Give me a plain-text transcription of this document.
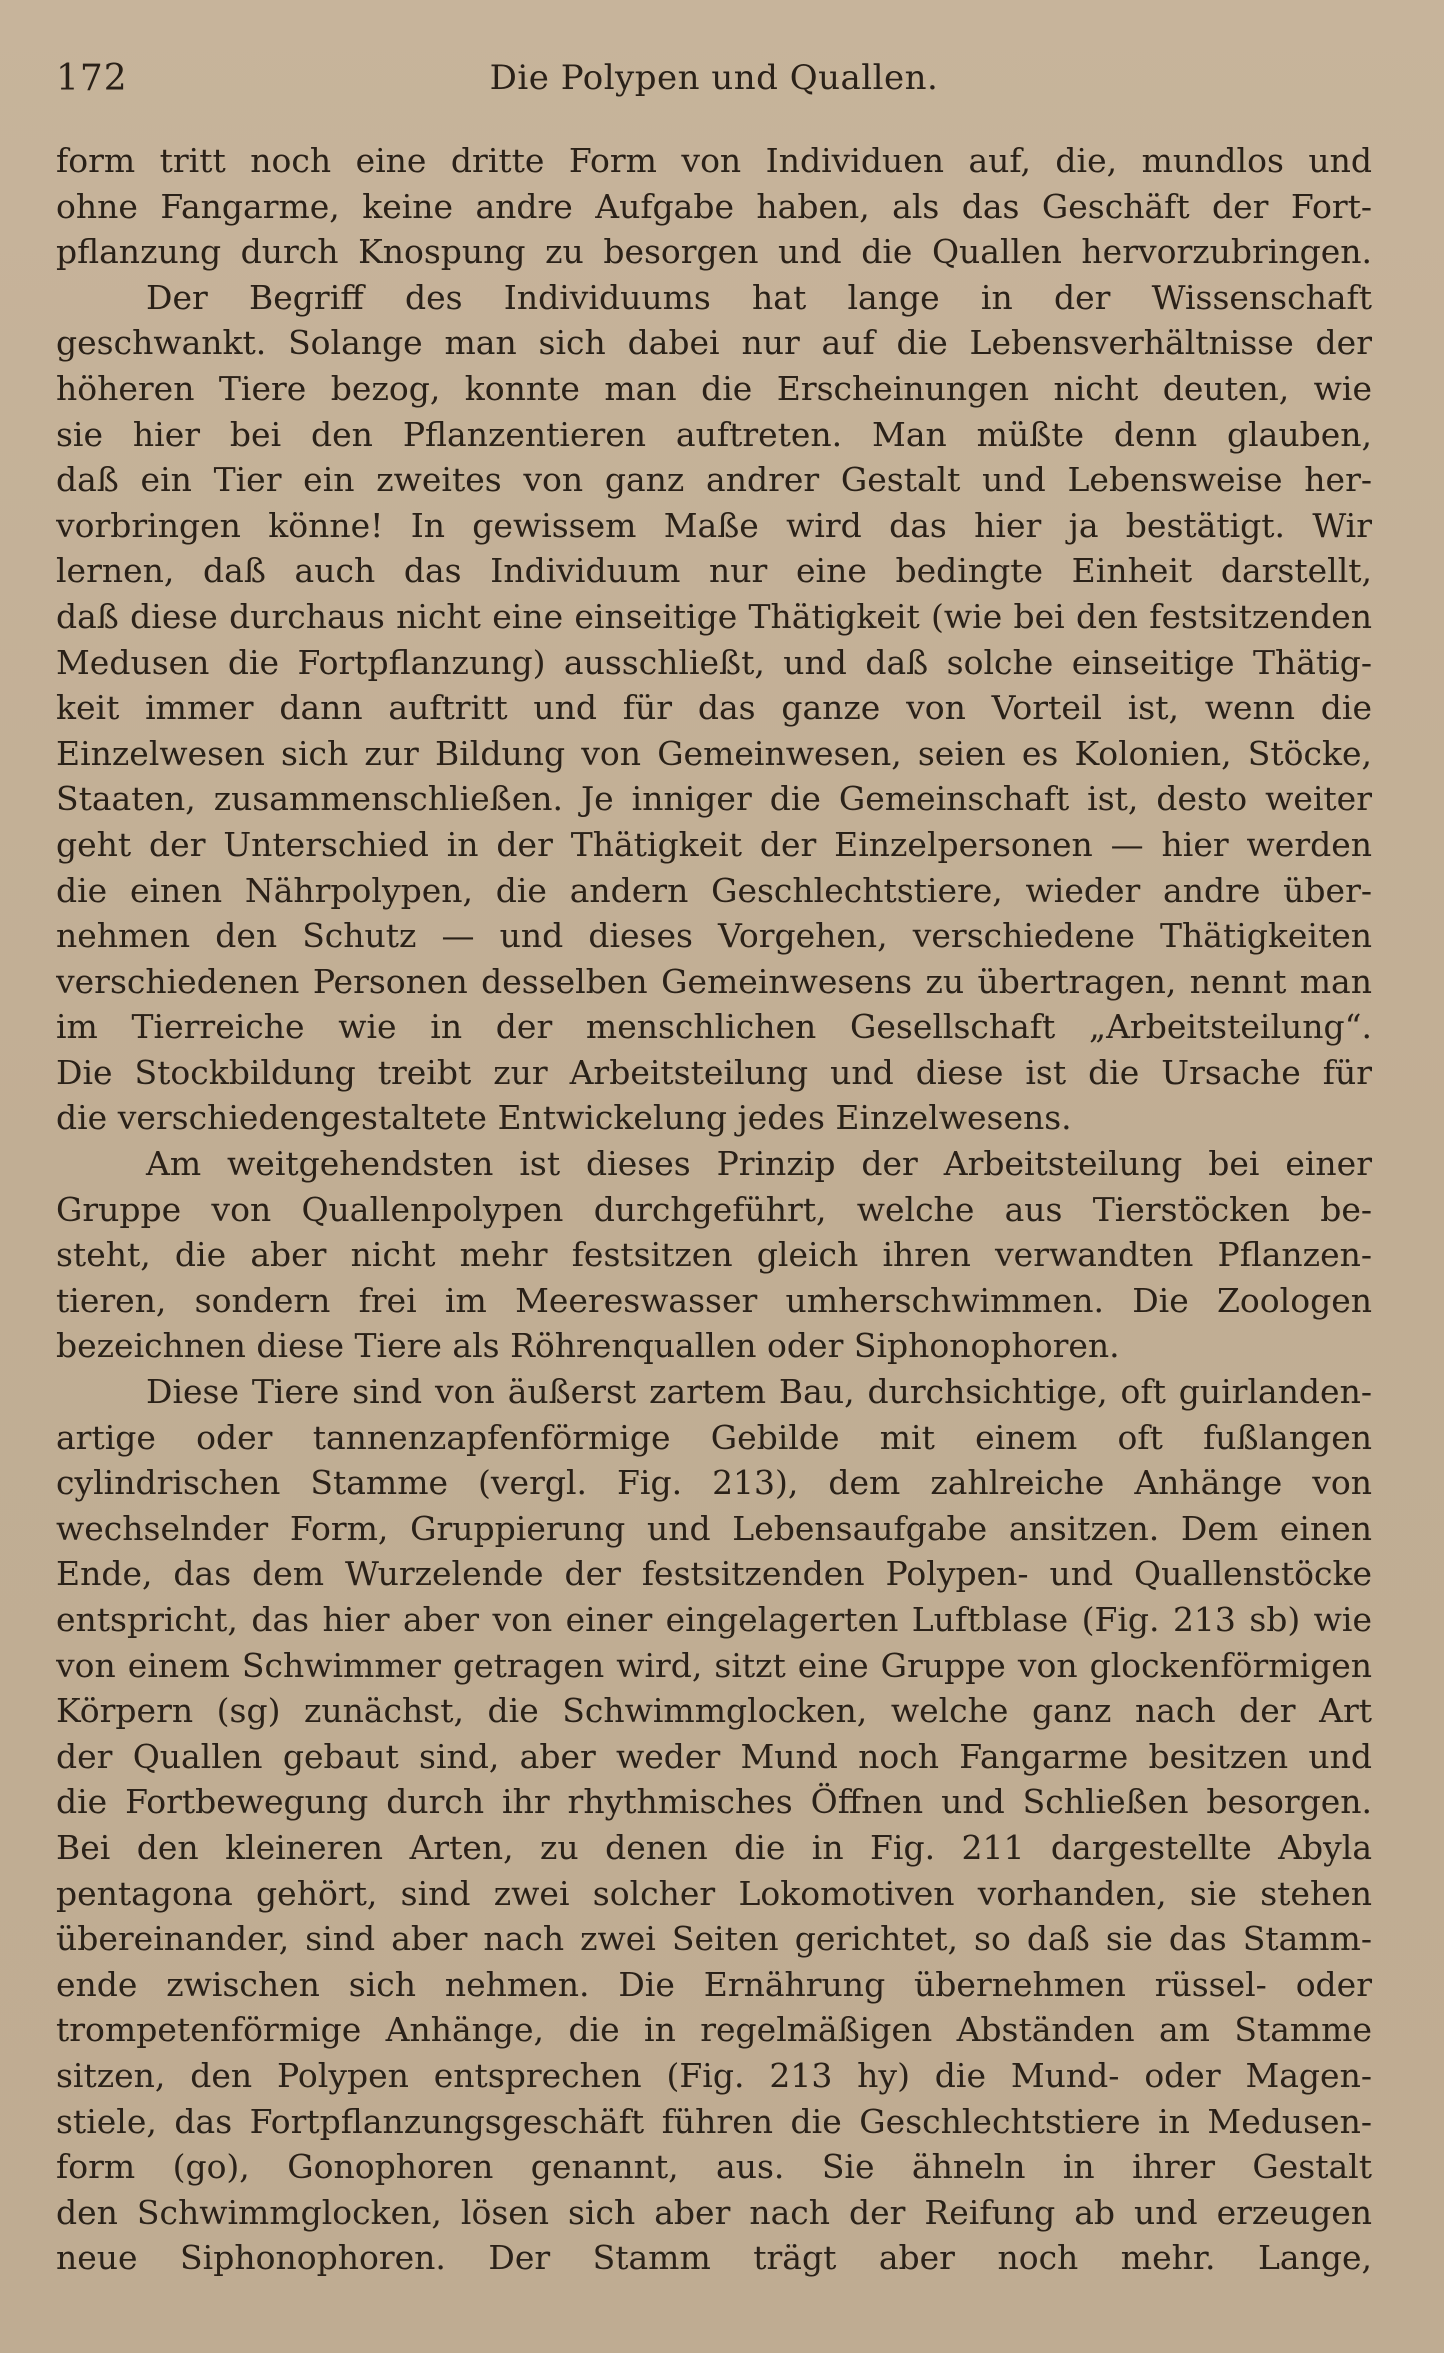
172	Die Polypen und Quallen.
form tritt noch eine dritte Form von Individuen auf, die, mundlos und
ohne Fangarme, keine andre Aufgabe haben, als das Geschäft der Fort-
pflanzung durch Knospung zu besorgen und die Quallen hervorzubringen.
Der Begriff des Individuums hat lange in der Wissenschaft
geschwankt. Solange man sich dabei nur auf die Lebensverhältnisse der
höheren Tiere bezog, konnte man die Erscheinungen nicht deuten, wie
sie hier bei den Pflanzentieren auftreten. Man müßte denn glauben,
daß ein Tier ein zweites von ganz andrer Gestalt und Lebensweise her-
vorbringen könne! In gewissem Maße wird das hier ja bestätigt. Wir
lernen, daß auch das Individuum nur eine bedingte Einheit darstellt,
daß diese durchaus nicht eine einseitige Thätigkeit (wie bei den festsitzenden
Medusen die Fortpflanzung) ausschließt, und daß solche einseitige Thätig-
keit immer dann auftritt und für das ganze von Vorteil ist, wenn die
Einzelwesen sich zur Bildung von Gemeinwesen, seien es Kolonien, Stöcke,
Staaten, zusammenschließen. Je inniger die Gemeinschaft ist, desto weiter
geht der Unterschied in der Thätigkeit der Einzelpersonen — hier werden
die einen Nährpolypen, die andern Geschlechtstiere, wieder andre über-
nehmen den Schutz — und dieses Vorgehen, verschiedene Thätigkeiten
verschiedenen Personen desselben Gemeinwesens zu übertragen, nennt man
im Tierreiche wie in der menschlichen Gesellschaft „Arbeitsteilung“.
Die Stockbildung treibt zur Arbeitsteilung und diese ist die Ursache für
die verschiedengestaltete Entwickelung jedes Einzelwesens.
Am weitgehendsten ist dieses Prinzip der Arbeitsteilung bei einer
Gruppe von Quallenpolypen durchgeführt, welche aus Tierstöcken be-
steht, die aber nicht mehr festsitzen gleich ihren verwandten Pflanzen-
tieren, sondern frei im Meereswasser umherschwimmen. Die Zoologen
bezeichnen diese Tiere als Röhrenquallen oder Siphonophoren.
Diese Tiere sind von äußerst zartem Bau, durchsichtige, oft guirlanden-
artige oder tannenzapfenförmige Gebilde mit einem oft fußlangen
cylindrischen Stamme (vergl. Fig. 213), dem zahlreiche Anhänge von
wechselnder Form, Gruppierung und Lebensaufgabe ansitzen. Dem einen
Ende, das dem Wurzelende der festsitzenden Polypen- und Quallenstöcke
entspricht, das hier aber von einer eingelagerten Luftblase (Fig. 213 sb) wie
von einem Schwimmer getragen wird, sitzt eine Gruppe von glockenförmigen
Körpern (sg) zunächst, die Schwimmglocken, welche ganz nach der Art
der Quallen gebaut sind, aber weder Mund noch Fangarme besitzen und
die Fortbewegung durch ihr rhythmisches Öffnen und Schließen besorgen.
Bei den kleineren Arten, zu denen die in Fig. 211 dargestellte Abyla
pentagona gehört, sind zwei solcher Lokomotiven vorhanden, sie stehen
übereinander, sind aber nach zwei Seiten gerichtet, so daß sie das Stamm-
ende zwischen sich nehmen. Die Ernährung übernehmen rüssel- oder
trompetenförmige Anhänge, die in regelmäßigen Abständen am Stamme
sitzen, den Polypen entsprechen (Fig. 213 hy) die Mund- oder Magen-
stiele, das Fortpflanzungsgeschäft führen die Geschlechtstiere in Medusen-
form (go), Gonophoren genannt, aus. Sie ähneln in ihrer Gestalt
den Schwimmglocken, lösen sich aber nach der Reifung ab und erzeugen
neue Siphonophoren. Der Stamm trägt aber noch mehr. Lange,
